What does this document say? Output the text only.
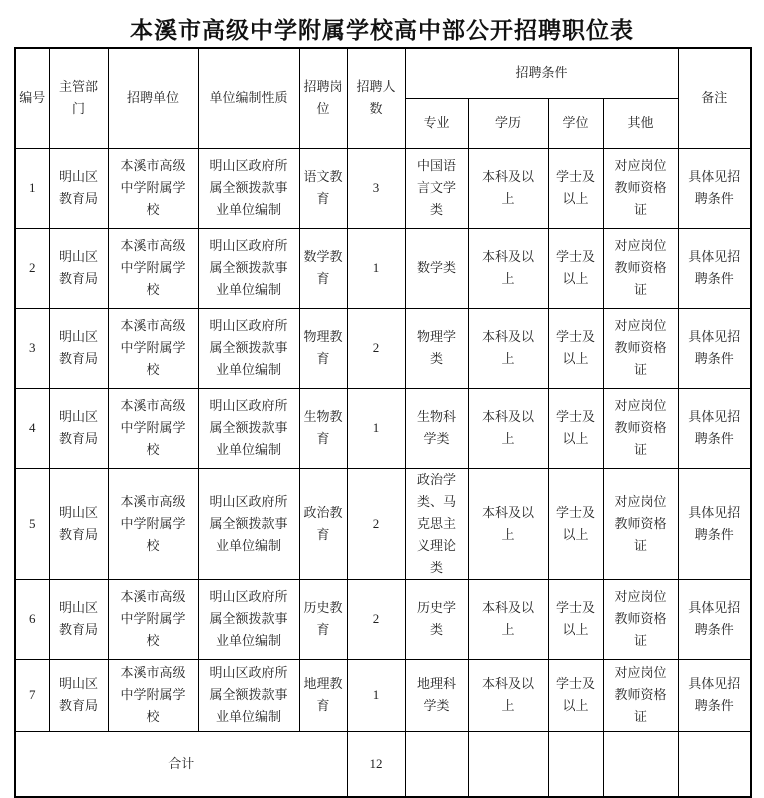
本溪市高级中学附属学校高中部公开招聘职位表
编号	主管部门	招聘单位	单位编制性质	招聘岗位	招聘人数	招聘条件				备注
						专业	学历	学位	其他	
1	明山区教育局	本溪市高级中学附属学校	明山区政府所属全额拨款事业单位编制	语文教育	3	中国语言文学类	本科及以上	学士及以上	对应岗位教师资格证	具体见招聘条件
2	明山区教育局	本溪市高级中学附属学校	明山区政府所属全额拨款事业单位编制	数学教育	1	数学类	本科及以上	学士及以上	对应岗位教师资格证	具体见招聘条件
3	明山区教育局	本溪市高级中学附属学校	明山区政府所属全额拨款事业单位编制	物理教育	2	物理学类	本科及以上	学士及以上	对应岗位教师资格证	具体见招聘条件
4	明山区教育局	本溪市高级中学附属学校	明山区政府所属全额拨款事业单位编制	生物教育	1	生物科学类	本科及以上	学士及以上	对应岗位教师资格证	具体见招聘条件
5	明山区教育局	本溪市高级中学附属学校	明山区政府所属全额拨款事业单位编制	政治教育	2	政治学类、马克思主义理论类	本科及以上	学士及以上	对应岗位教师资格证	具体见招聘条件
6	明山区教育局	本溪市高级中学附属学校	明山区政府所属全额拨款事业单位编制	历史教育	2	历史学类	本科及以上	学士及以上	对应岗位教师资格证	具体见招聘条件
7	明山区教育局	本溪市高级中学附属学校	明山区政府所属全额拨款事业单位编制	地理教育	1	地理科学类	本科及以上	学士及以上	对应岗位教师资格证	具体见招聘条件
合计					12					
